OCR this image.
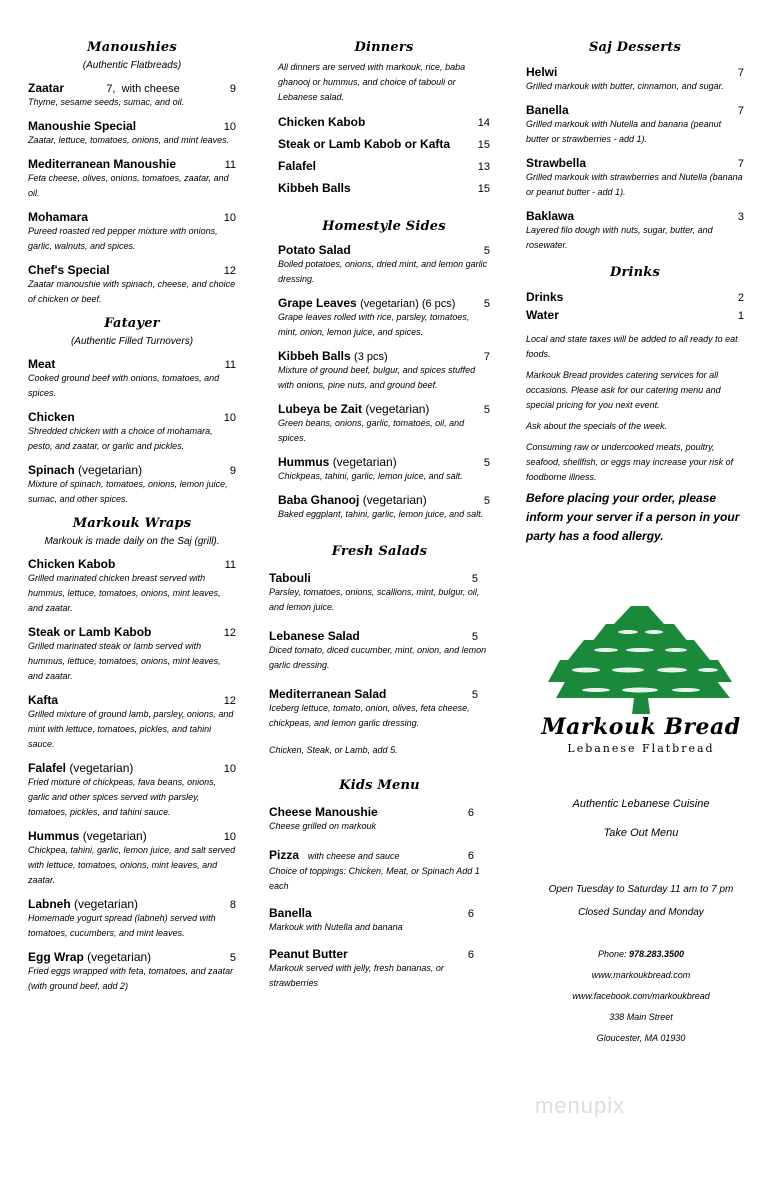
Manoushies
(Authentic Flatbreads)
Zaatar	7, with cheese	9
Thyme, sesame seeds, sumac, and oil.
Manoushie Special	10
Zaatar, lettuce, tomatoes, onions, and mint leaves.
Mediterranean Manoushie	11
Feta cheese, olives, onions, tomatoes, zaatar, and oil.
Mohamara	10
Pureed roasted red pepper mixture with onions, garlic, walnuts, and spices.
Chef's Special	12
Zaatar manoushie with spinach, cheese, and choice of chicken or beef.
Fatayer
(Authentic Filled Turnovers)
Meat	11
Cooked ground beef with onions, tomatoes, and spices.
Chicken	10
Shredded chicken with a choice of mohamara, pesto, and zaatar, or garlic and pickles.
Spinach (vegetarian)	9
Mixture of spinach, tomatoes, onions, lemon juice, sumac, and other spices.
Markouk Wraps
Markouk is made daily on the Saj (grill).
Chicken Kabob	11
Grilled marinated chicken breast served with hummus, lettuce, tomatoes, onions, mint leaves, and zaatar.
Steak or Lamb Kabob	12
Grilled marinated steak or lamb served with hummus, lettuce, tomatoes, onions, mint leaves, and zaatar.
Kafta	12
Grilled mixture of ground lamb, parsley, onions, and mint with lettuce, tomatoes, pickles, and tahini sauce.
Falafel (vegetarian)	10
Fried mixture of chickpeas, fava beans, onions, garlic and other spices served with parsley, tomatoes, pickles, and tahini sauce.
Hummus (vegetarian)	10
Chickpea, tahini, garlic, lemon juice, and salt served with lettuce, tomatoes, onions, mint leaves, and zaatar.
Labneh (vegetarian)	8
Homemade yogurt spread (labneh) served with tomatoes, cucumbers, and mint leaves.
Egg Wrap (vegetarian)	5
Fried eggs wrapped with feta, tomatoes, and zaatar (with ground beef, add 2)
Dinners
All dinners are served with markouk, rice, baba ghanooj or hummus, and choice of tabouli or Lebanese salad.
Chicken Kabob	14
Steak or Lamb Kabob or Kafta	15
Falafel	13
Kibbeh Balls	15
Homestyle Sides
Potato Salad	5
Boiled potatoes, onions, dried mint, and lemon garlic dressing.
Grape Leaves (vegetarian) (6 pcs)	5
Grape leaves rolled with rice, parsley, tomatoes, mint, onion, lemon juice, and spices.
Kibbeh Balls (3 pcs)	7
Mixture of ground beef, bulgur, and spices stuffed with onions, pine nuts, and ground beef.
Lubeya be Zait (vegetarian)	5
Green beans, onions, garlic, tomatoes, oil, and spices.
Hummus (vegetarian)	5
Chickpeas, tahini, garlic, lemon juice, and salt.
Baba Ghanooj (vegetarian)	5
Baked eggplant, tahini, garlic, lemon juice, and salt.
Fresh Salads
Tabouli	5
Parsley, tomatoes, onions, scallions, mint, bulgur, oil, and lemon juice.
Lebanese Salad	5
Diced tomato, diced cucumber, mint, onion, and lemon garlic dressing.
Mediterranean Salad	5
Iceberg lettuce, tomato, onion, olives, feta cheese, chickpeas, and lemon garlic dressing.
Chicken, Steak, or Lamb, add 5.
Kids Menu
Cheese Manoushie	6
Cheese grilled on markouk
Pizza with cheese and sauce	6
Choice of toppings: Chicken, Meat, or Spinach Add 1 each
Banella	6
Markouk with Nutella and banana
Peanut Butter	6
Markouk served with jelly, fresh bananas, or strawberries
Saj Desserts
Helwi	7
Grilled markouk with butter, cinnamon, and sugar.
Banella	7
Grilled markouk with Nutella and banana (peanut butter or strawberries - add 1).
Strawbella	7
Grilled markouk with strawberries and Nutella (banana or peanut butter - add 1).
Baklawa	3
Layered filo dough with nuts, sugar, butter, and rosewater.
Drinks
Drinks	2
Water	1
Local and state taxes will be added to all ready to eat foods.
Markouk Bread provides catering services for all occasions. Please ask for our catering menu and special pricing for you next event.
Ask about the specials of the week.
Consuming raw or undercooked meats, poultry, seafood, shellfish, or eggs may increase your risk of foodborne illness.
Before placing your order, please inform your server if a person in your party has a food allergy.
Markouk Bread
Lebanese Flatbread
Authentic Lebanese Cuisine
Take Out Menu
Open Tuesday to Saturday 11 am to 7 pm
Closed Sunday and Monday
Phone: 978.283.3500
www.markoukbread.com
www.facebook.com/markoukbread
338 Main Street
Gloucester, MA 01930
menupix
